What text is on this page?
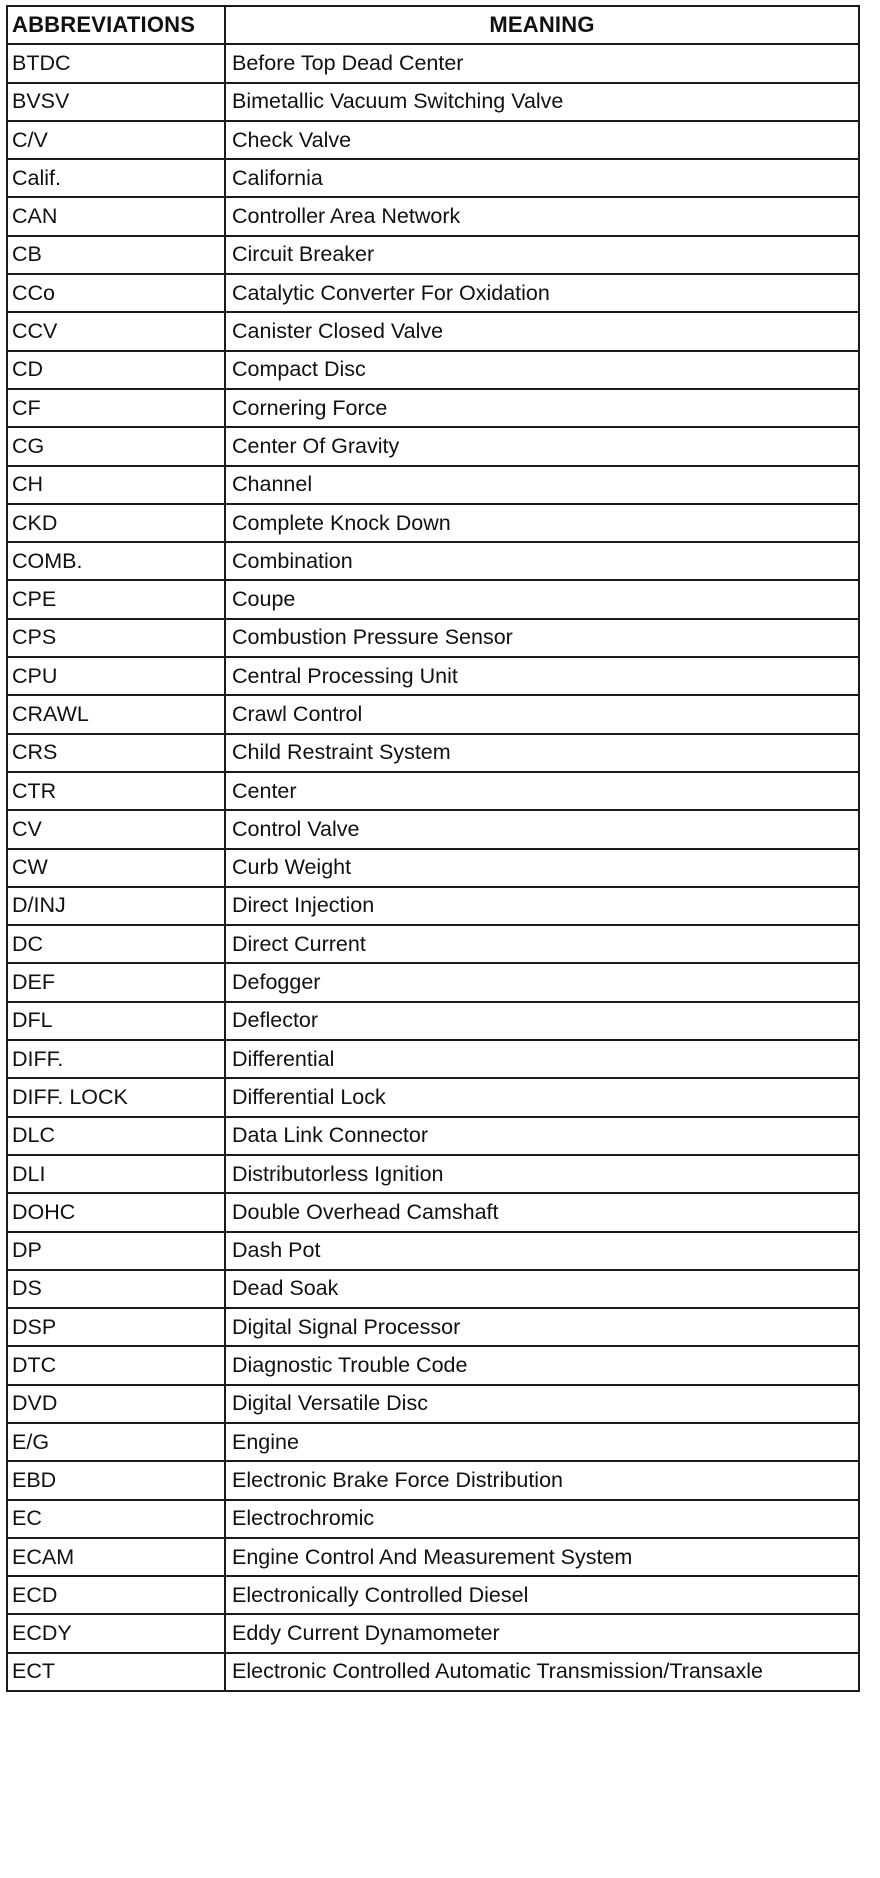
ABBREVIATIONS	MEANING
BTDC	Before Top Dead Center
BVSV	Bimetallic Vacuum Switching Valve
C/V	Check Valve
Calif.	California
CAN	Controller Area Network
CB	Circuit Breaker
CCo	Catalytic Converter For Oxidation
CCV	Canister Closed Valve
CD	Compact Disc
CF	Cornering Force
CG	Center Of Gravity
CH	Channel
CKD	Complete Knock Down
COMB.	Combination
CPE	Coupe
CPS	Combustion Pressure Sensor
CPU	Central Processing Unit
CRAWL	Crawl Control
CRS	Child Restraint System
CTR	Center
CV	Control Valve
CW	Curb Weight
D/INJ	Direct Injection
DC	Direct Current
DEF	Defogger
DFL	Deflector
DIFF.	Differential
DIFF. LOCK	Differential Lock
DLC	Data Link Connector
DLI	Distributorless Ignition
DOHC	Double Overhead Camshaft
DP	Dash Pot
DS	Dead Soak
DSP	Digital Signal Processor
DTC	Diagnostic Trouble Code
DVD	Digital Versatile Disc
E/G	Engine
EBD	Electronic Brake Force Distribution
EC	Electrochromic
ECAM	Engine Control And Measurement System
ECD	Electronically Controlled Diesel
ECDY	Eddy Current Dynamometer
ECT	Electronic Controlled Automatic Transmission/Transaxle
